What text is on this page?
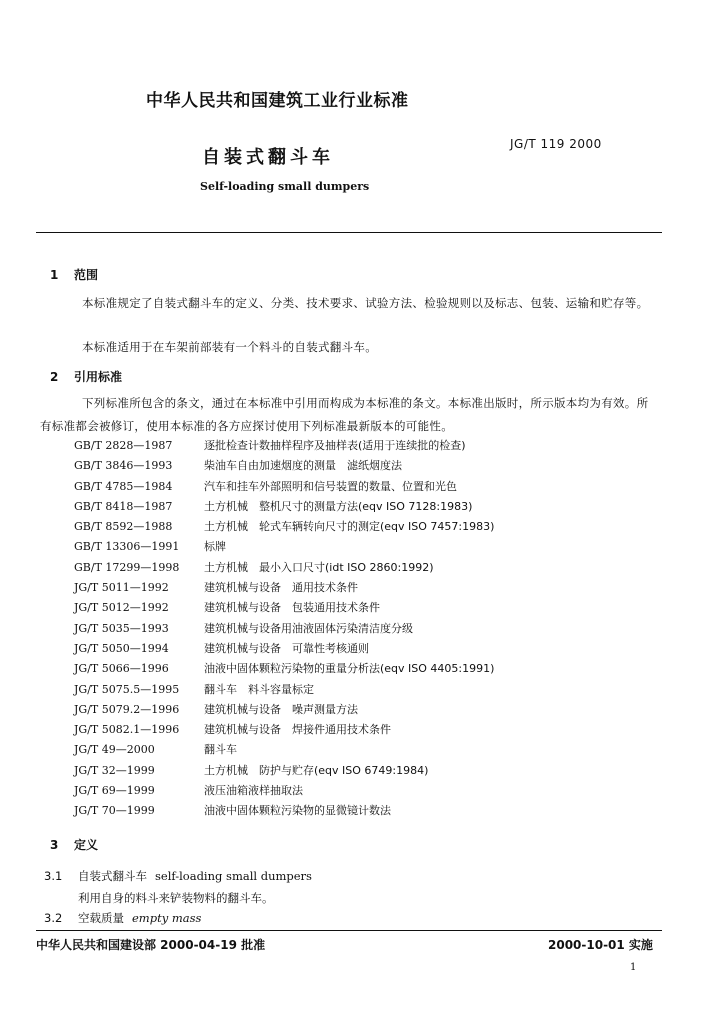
中华人民共和国建筑工业行业标准
自装式翻斗车
JG/T 119 2000
Self-loading small dumpers
1 范围
本标准规定了自装式翻斗车的定义、分类、技术要求、试验方法、检验规则以及标志、包装、运输和贮存等。
本标准适用于在车架前部装有一个料斗的自装式翻斗车。
2 引用标准
下列标准所包含的条文，通过在本标准中引用而构成为本标准的条文。本标准出版时，所示版本均为有效。所有标准都会被修订，使用本标准的各方应探讨使用下列标准最新版本的可能性。
GB/T 2828—1987	逐批检查计数抽样程序及抽样表(适用于连续批的检查)
GB/T 3846—1993	柴油车自由加速烟度的测量　滤纸烟度法
GB/T 4785—1984	汽车和挂车外部照明和信号装置的数量、位置和光色
GB/T 8418—1987	土方机械　整机尺寸的测量方法(eqv ISO 7128:1983)
GB/T 8592—1988	土方机械　轮式车辆转向尺寸的测定(eqv ISO 7457:1983)
GB/T 13306—1991 标牌
GB/T 17299—1998 土方机械　最小入口尺寸(idt ISO 2860:1992)
JG/T 5011—1992	建筑机械与设备　通用技术条件
JG/T 5012—1992	建筑机械与设备　包装通用技术条件
JG/T 5035—1993	建筑机械与设备用油液固体污染清洁度分级
JG/T 5050—1994	建筑机械与设备　可靠性考核通则
JG/T 5066—1996	油液中固体颗粒污染物的重量分析法(eqv ISO 4405:1991)
JG/T 5075.5—1995 翻斗车　料斗容量标定
JG/T 5079.2—1996 建筑机械与设备　噪声测量方法
JG/T 5082.1—1996 建筑机械与设备　焊接件通用技术条件
JG/T 49—2000	翻斗车
JG/T 32—1999	土方机械　防护与贮存(eqv ISO 6749:1984)
JG/T 69—1999	液压油箱液样抽取法
JG/T 70—1999	油液中固体颗粒污染物的显微镜计数法
3 定义
3.1 自装式翻斗车 self-loading small dumpers
利用自身的料斗来铲装物料的翻斗车。
3.2 空载质量 empty mass
中华人民共和国建设部 2000-04-19 批准	2000-10-01 实施
1
